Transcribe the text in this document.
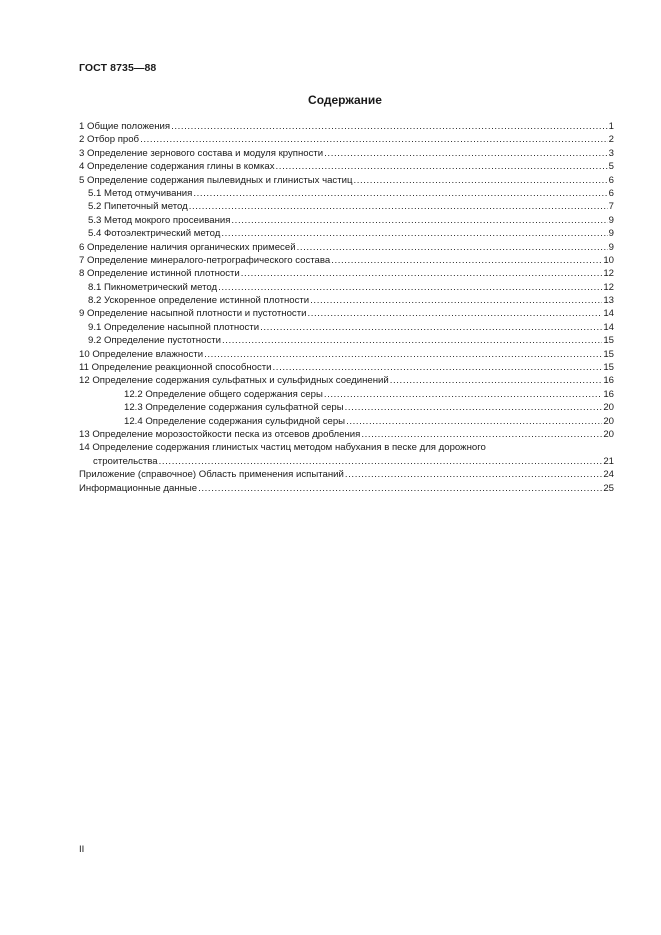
ГОСТ 8735—88
Содержание
1 Общие положения .....	1
2 Отбор проб .....	2
3 Определение зернового состава и модуля крупности .....	3
4 Определение содержания глины в комках .....	5
5 Определение содержания пылевидных и глинистых частиц .....	6
5.1 Метод отмучивания .....	6
5.2 Пипеточный метод .....	7
5.3 Метод мокрого просеивания .....	9
5.4 Фотоэлектрический метод .....	9
6 Определение наличия органических примесей .....	9
7 Определение минералого-петрографического состава .....	10
8 Определение истинной плотности .....	12
8.1 Пикнометрический метод .....	12
8.2 Ускоренное определение истинной плотности .....	13
9 Определение насыпной плотности и пустотности .....	14
9.1 Определение насыпной плотности .....	14
9.2 Определение пустотности .....	15
10 Определение влажности .....	15
11 Определение реакционной способности .....	15
12 Определение содержания сульфатных и сульфидных соединений .....	16
12.2 Определение общего содержания серы .....	16
12.3 Определение содержания сульфатной серы .....	20
12.4 Определение содержания сульфидной серы .....	20
13 Определение морозостойкости песка из отсевов дробления .....	20
14 Определение содержания глинистых частиц методом набухания в песке для дорожного
строительства .....	21
Приложение (справочное) Область применения испытаний .....	24
Информационные данные .....	25
II
